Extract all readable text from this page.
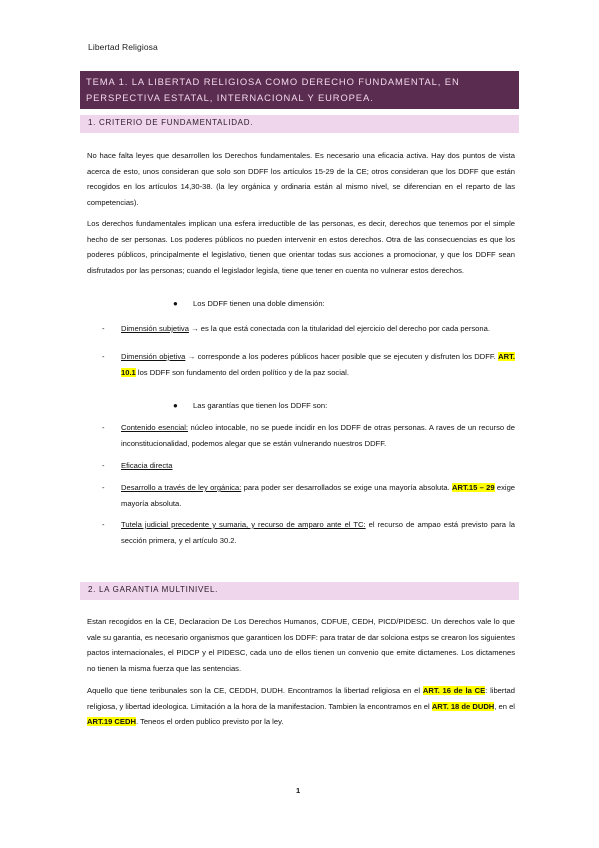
Libertad Religiosa
TEMA 1. LA LIBERTAD RELIGIOSA COMO DERECHO FUNDAMENTAL, EN PERSPECTIVA ESTATAL, INTERNACIONAL Y EUROPEA.
1. CRITERIO DE FUNDAMENTALIDAD.

No hace falta leyes que desarrollen los Derechos fundamentales. Es necesario una eficacia activa. Hay dos puntos de vista acerca de esto, unos consideran que solo son DDFF los artículos 15-29 de la CE; otros consideran que los DDFF que están recogidos en los artículos 14,30-38. (la ley orgánica y ordinaria están al mismo nivel, se diferencian en el reparto de las competencias).

Los derechos fundamentales implican una esfera irreductible de las personas, es decir, derechos que tenemos por el simple hecho de ser personas. Los poderes públicos no pueden intervenir en estos derechos. Otra de las consecuencias es que los poderes públicos, principalmente el legislativo, tienen que orientar todas sus acciones a promocionar, y que los DDFF sean disfrutados por las personas; cuando el legislador legisla, tiene que tener en cuenta no vulnerar estos derechos.

● Los DDFF tienen una doble dimensión:
- Dimensión subjetiva → es la que está conectada con la titularidad del ejercicio del derecho por cada persona.
- Dimensión objetiva → corresponde a los poderes públicos hacer posible que se ejecuten y disfruten los DDFF. ART. 10.1 los DDFF son fundamento del orden político y de la paz social.
● Las garantías que tienen los DDFF son:
- Contenido esencial: núcleo intocable, no se puede incidir en los DDFF de otras personas. A raves de un recurso de inconstitucionalidad, podemos alegar que se están vulnerando nuestros DDFF.
- Eficacia directa
- Desarrollo a través de ley orgánica: para poder ser desarrollados se exige una mayoría absoluta. ART.15 – 29 exige mayoría absoluta.
- Tutela judicial precedente y sumaria, y recurso de amparo ante el TC: el recurso de ampao está previsto para la sección primera, y el artículo 30.2.
2. LA GARANTIA MULTINIVEL.

Estan recogidos en la CE, Declaracion De Los Derechos Humanos, CDFUE, CEDH, PICD/PIDESC. Un derechos vale lo que vale su garantia, es necesario organismos que garanticen los DDFF: para tratar de dar solciona estps se crearon los siguientes pactos internacionales, el PIDCP y el PIDESC, cada uno de ellos tienen un convenio que emite dictamenes. Los dictamenes no tienen la misma fuerza que las sentencias.

Aquello que tiene teribunales son la CE, CEDDH, DUDH. Encontramos la libertad religiosa en el ART. 16 de la CE: libertad religiosa, y libertad ideologica. Limitación a la hora de la manifestacion. Tambien la encontramos en el ART. 18 de DUDH, en el ART.19 CEDH. Teneos el orden publico previsto por la ley.

1
